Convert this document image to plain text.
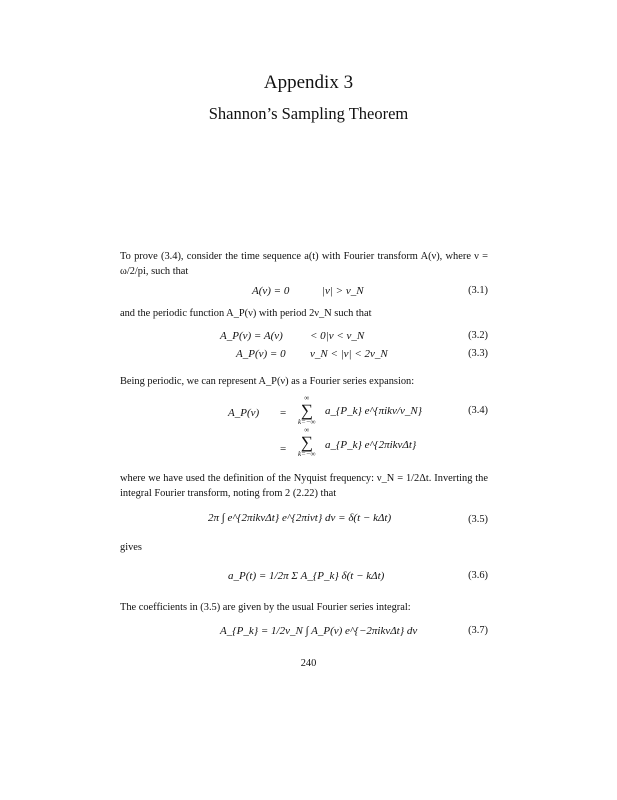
Appendix 3
Shannon’s Sampling Theorem
To prove (3.4), consider the time sequence a(t) with Fourier transform A(ν), where ν = ω/2/pi, such that
A(ν) = 0	|ν| > ν_N	(3.1)
and the periodic function A_P(ν) with period 2ν_N such that
A_P(ν) = A(ν) < 0|ν < ν_N	(3.2)
A_P(ν) = 0 ν_N < |ν| < 2ν_N	(3.3)
Being periodic, we can represent A_P(ν) as a Fourier series expansion:
A_P(ν) =
∞
∑
k=−∞
a_{P_k} e^{πikν/ν_N}	(3.4)
=
∞
∑
k=−∞
a_{P_k} e^{2πikνΔt}
where we have used the definition of the Nyquist frequency: ν_N = 1/2Δt. Inverting the integral Fourier transform, noting from 2 (2.22) that
2π ∫ e^{2πikνΔt} e^{2πiνt} dν = δ(t − kΔt)	(3.5)
gives
a_P(t) = 1/2π Σ A_{P_k} δ(t − kΔt)	(3.6)
The coefficients in (3.5) are given by the usual Fourier series integral:
A_{P_k} = 1/2ν_N ∫ A_P(ν) e^{−2πikνΔt} dν	(3.7)
240
